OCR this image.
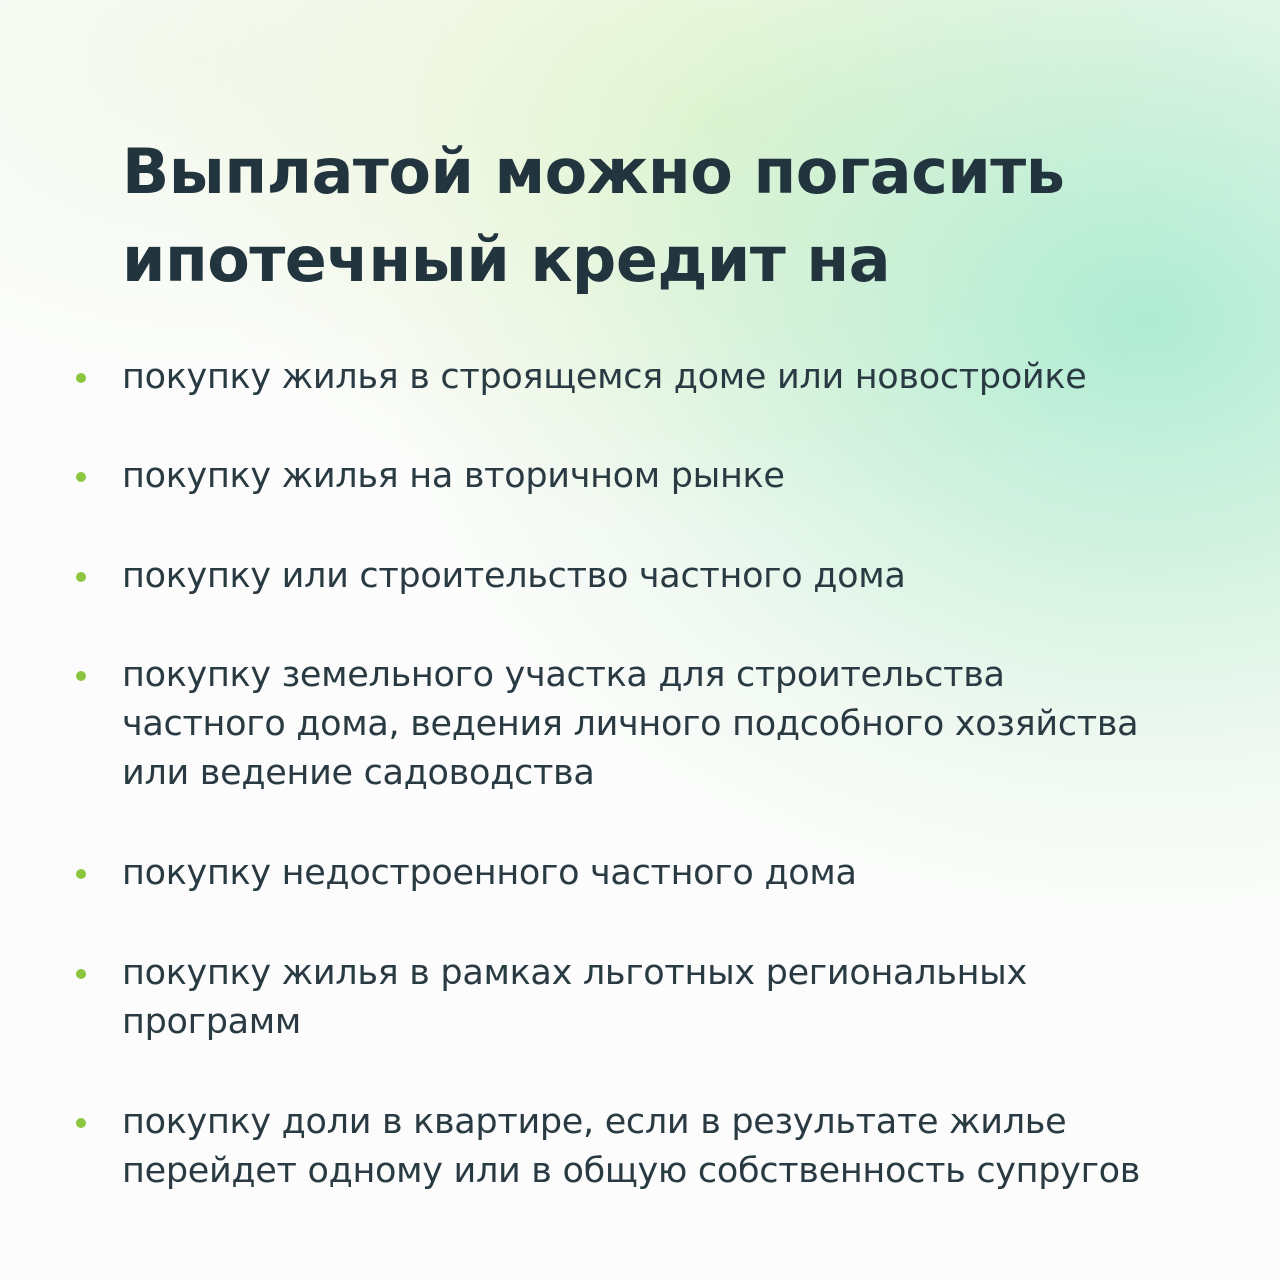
Выплатой можно погасить
ипотечный кредит на
покупку жилья в строящемся доме или новостройке
покупку жилья на вторичном рынке
покупку или строительство частного дома
покупку земельного участка для строительства
частного дома, ведения личного подсобного хозяйства
или ведение садоводства
покупку недостроенного частного дома
покупку жилья в рамках льготных региональных
программ
покупку доли в квартире, если в результате жилье
перейдет одному или в общую собственность супругов
